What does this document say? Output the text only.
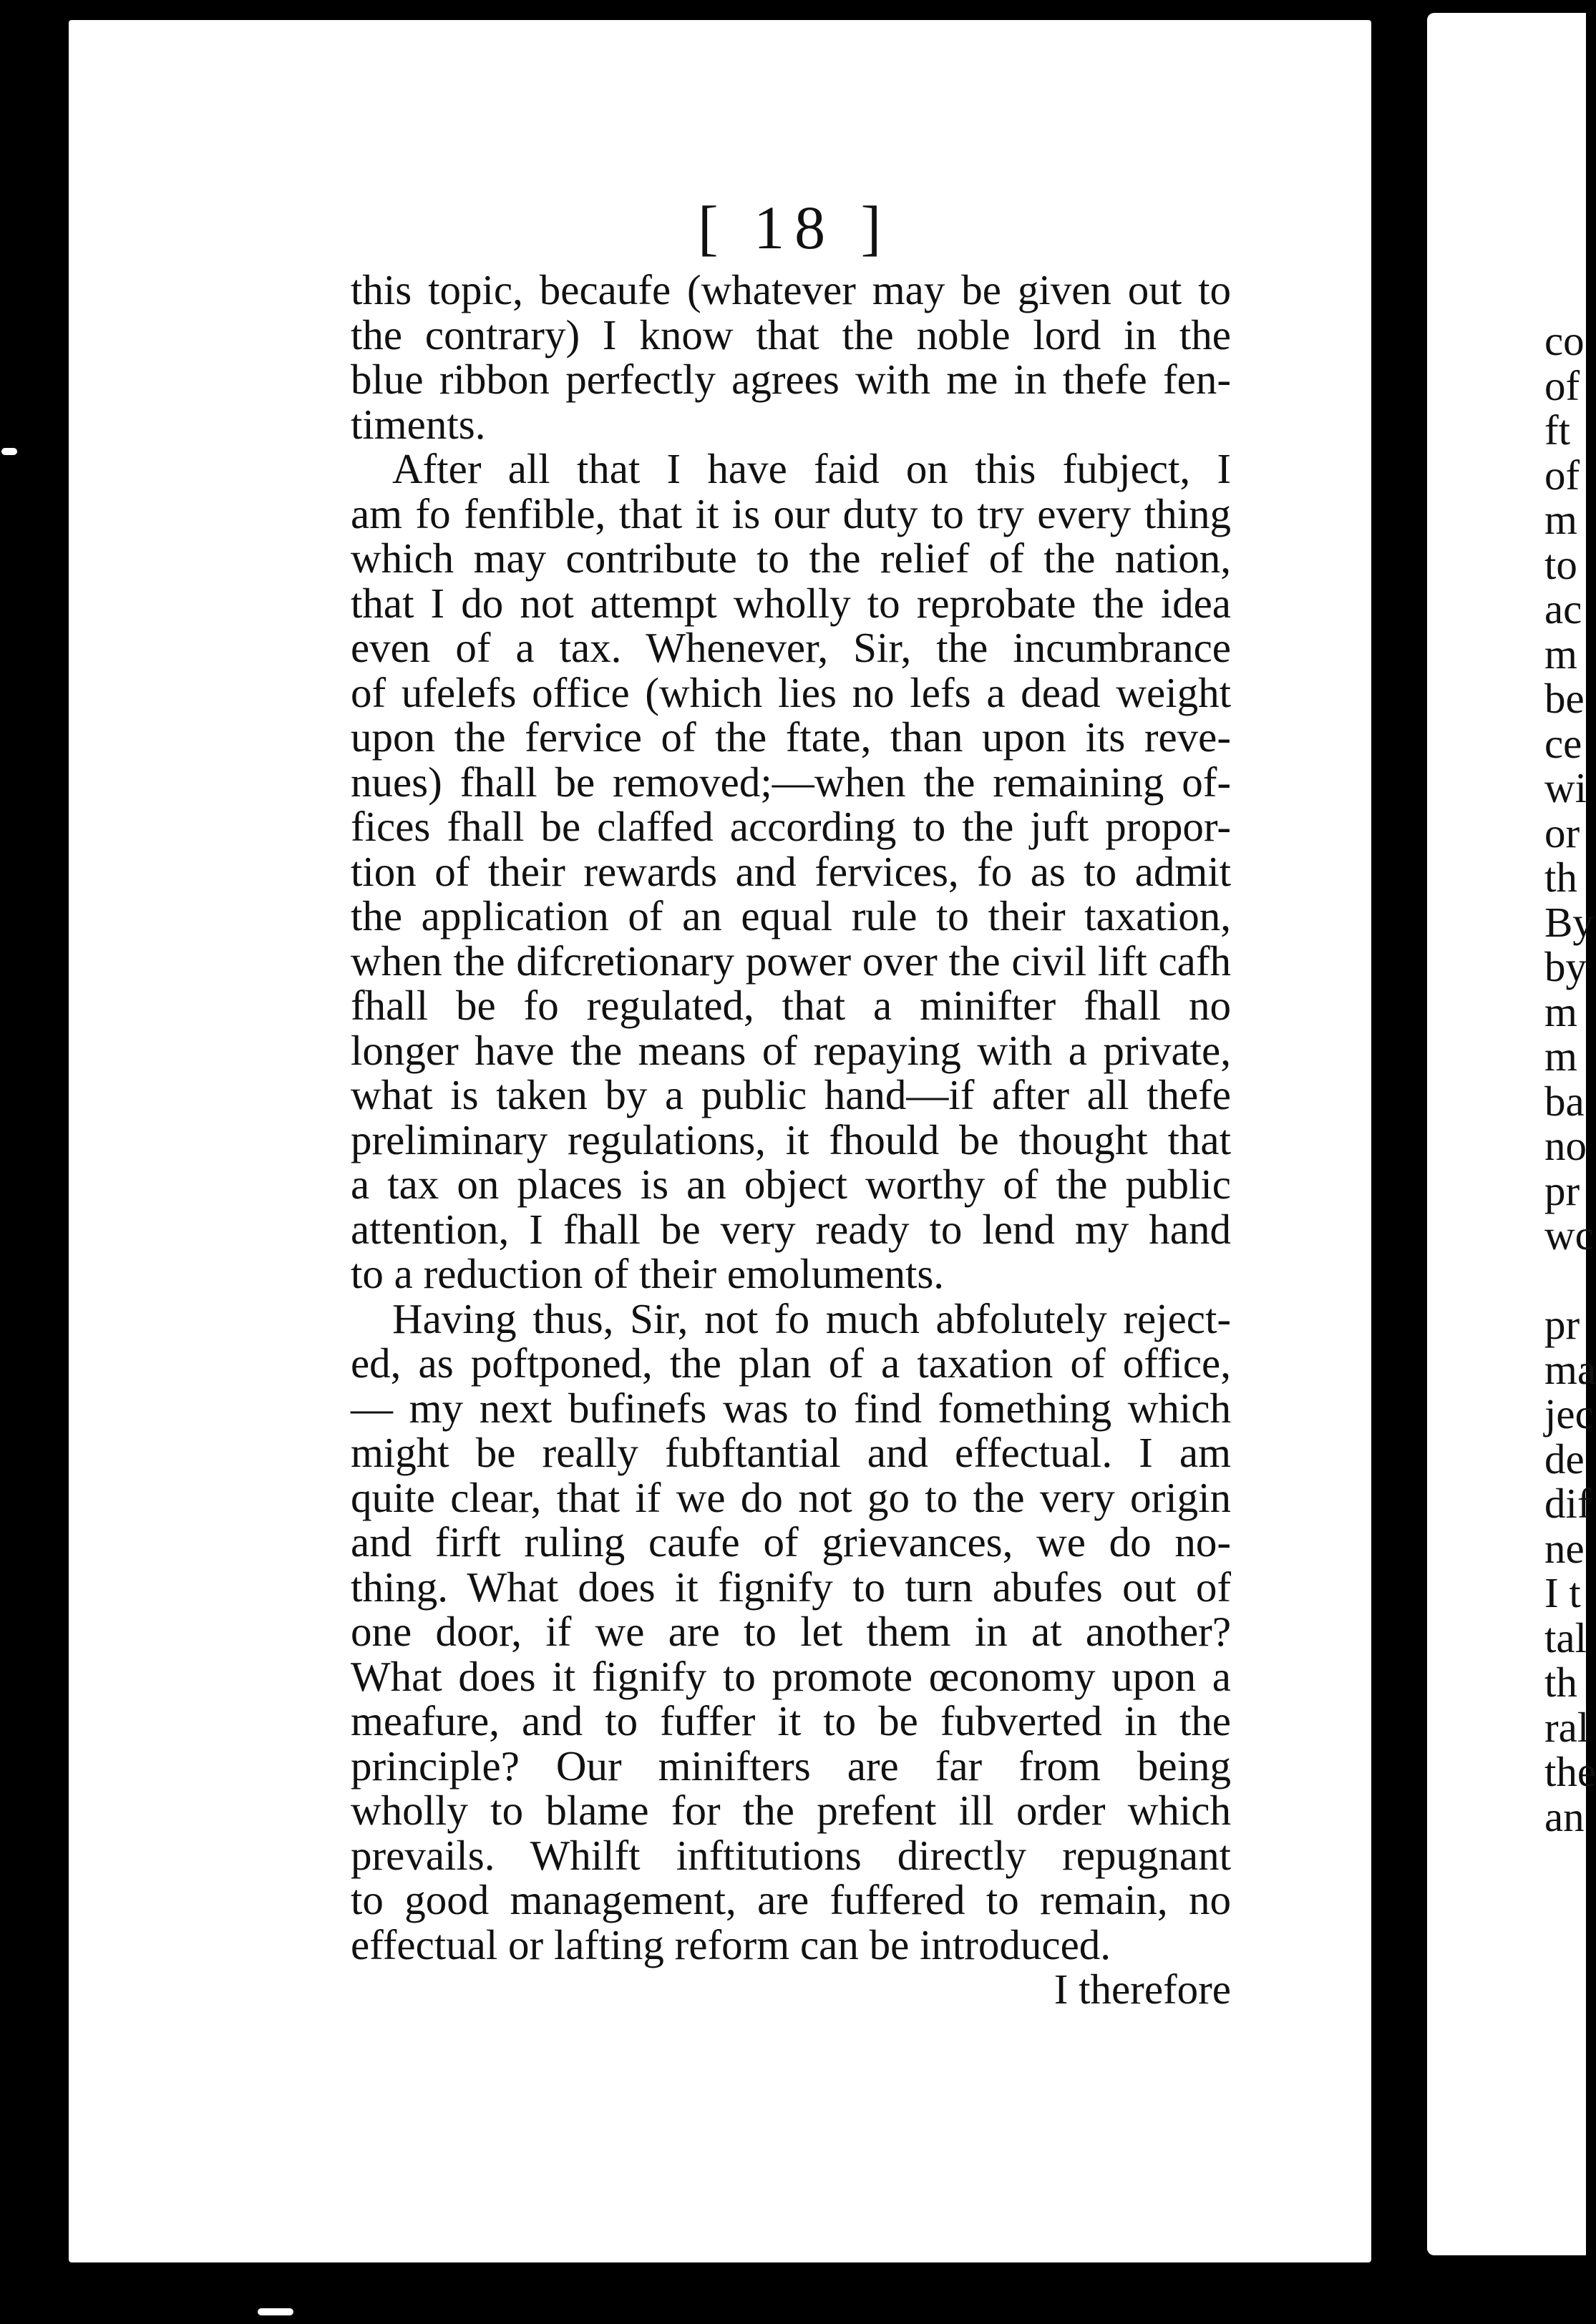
[ 18 ]
this topic, becaufe (whatever may be given out to
the contrary) I know that the noble lord in the
blue ribbon perfectly agrees with me in thefe fen-
timents.
After all that I have faid on this fubject, I
am fo fenfible, that it is our duty to try every thing
which may contribute to the relief of the nation,
that I do not attempt wholly to reprobate the idea
even of a tax. Whenever, Sir, the incumbrance
of ufelefs office (which lies no lefs a dead weight
upon the fervice of the ftate, than upon its reve-
nues) fhall be removed;—when the remaining of-
fices fhall be claffed according to the juft propor-
tion of their rewards and fervices, fo as to admit
the application of an equal rule to their taxation,
when the difcretionary power over the civil lift cafh
fhall be fo regulated, that a minifter fhall no
longer have the means of repaying with a private,
what is taken by a public hand—if after all thefe
preliminary regulations, it fhould be thought that
a tax on places is an object worthy of the public
attention, I fhall be very ready to lend my hand
to a reduction of their emoluments.
Having thus, Sir, not fo much abfolutely reject-
ed, as poftponed, the plan of a taxation of office,
— my next bufinefs was to find fomething which
might be really fubftantial and effectual. I am
quite clear, that if we do not go to the very origin
and firft ruling caufe of grievances, we do no-
thing. What does it fignify to turn abufes out of
one door, if we are to let them in at another?
What does it fignify to promote œconomy upon a
meafure, and to fuffer it to be fubverted in the
principle? Our minifters are far from being
wholly to blame for the prefent ill order which
prevails. Whilft inftitutions directly repugnant
to good management, are fuffered to remain, no
effectual or lafting reform can be introduced.
I therefore
co
of
ft
of
m
to
ac
m
be
ce
wi
or
th
By
by
m
m
ba
no
pr
wc
pr
ma
jec
de
dif
ne
I t
tal
th
ral
the
an
